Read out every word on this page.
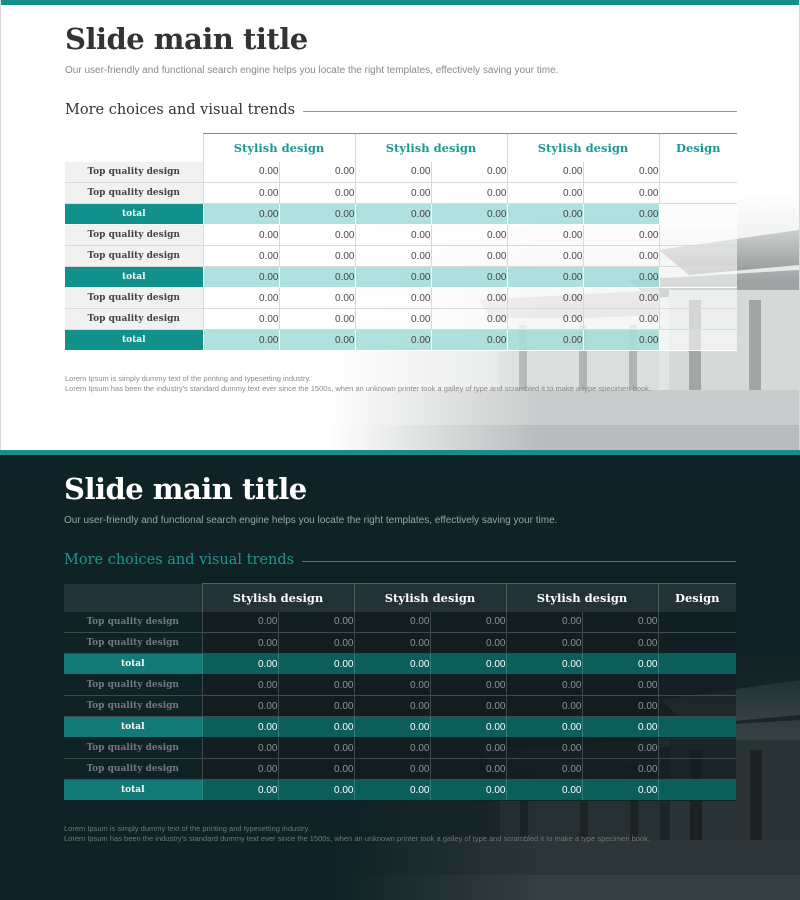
Slide main title
Our user-friendly and functional search engine helps you locate the right templates, effectively saving your time.
More choices and visual trends
	Stylish design		Stylish design		Stylish design		Design
Top quality design	0.00	0.00	0.00	0.00	0.00	0.00	
Top quality design	0.00	0.00	0.00	0.00	0.00	0.00	
total	0.00	0.00	0.00	0.00	0.00	0.00	
Top quality design	0.00	0.00	0.00	0.00	0.00	0.00	
Top quality design	0.00	0.00	0.00	0.00	0.00	0.00	
total	0.00	0.00	0.00	0.00	0.00	0.00	
Top quality design	0.00	0.00	0.00	0.00	0.00	0.00	
Top quality design	0.00	0.00	0.00	0.00	0.00	0.00	
total	0.00	0.00	0.00	0.00	0.00	0.00	
Lorem Ipsum is simply dummy text of the printing and typesetting industry.
Lorem Ipsum has been the industry's standard dummy text ever since the 1500s, when an unknown printer took a galley of type and scrambled it to make a type specimen book.
Slide main title
Our user-friendly and functional search engine helps you locate the right templates, effectively saving your time.
More choices and visual trends
	Stylish design		Stylish design		Stylish design		Design
Top quality design	0.00	0.00	0.00	0.00	0.00	0.00	
Top quality design	0.00	0.00	0.00	0.00	0.00	0.00	
total	0.00	0.00	0.00	0.00	0.00	0.00	
Top quality design	0.00	0.00	0.00	0.00	0.00	0.00	
Top quality design	0.00	0.00	0.00	0.00	0.00	0.00	
total	0.00	0.00	0.00	0.00	0.00	0.00	
Top quality design	0.00	0.00	0.00	0.00	0.00	0.00	
Top quality design	0.00	0.00	0.00	0.00	0.00	0.00	
total	0.00	0.00	0.00	0.00	0.00	0.00	
Lorem Ipsum is simply dummy text of the printing and typesetting industry.
Lorem Ipsum has been the industry's standard dummy text ever since the 1500s, when an unknown printer took a galley of type and scrambled it to make a type specimen book.
